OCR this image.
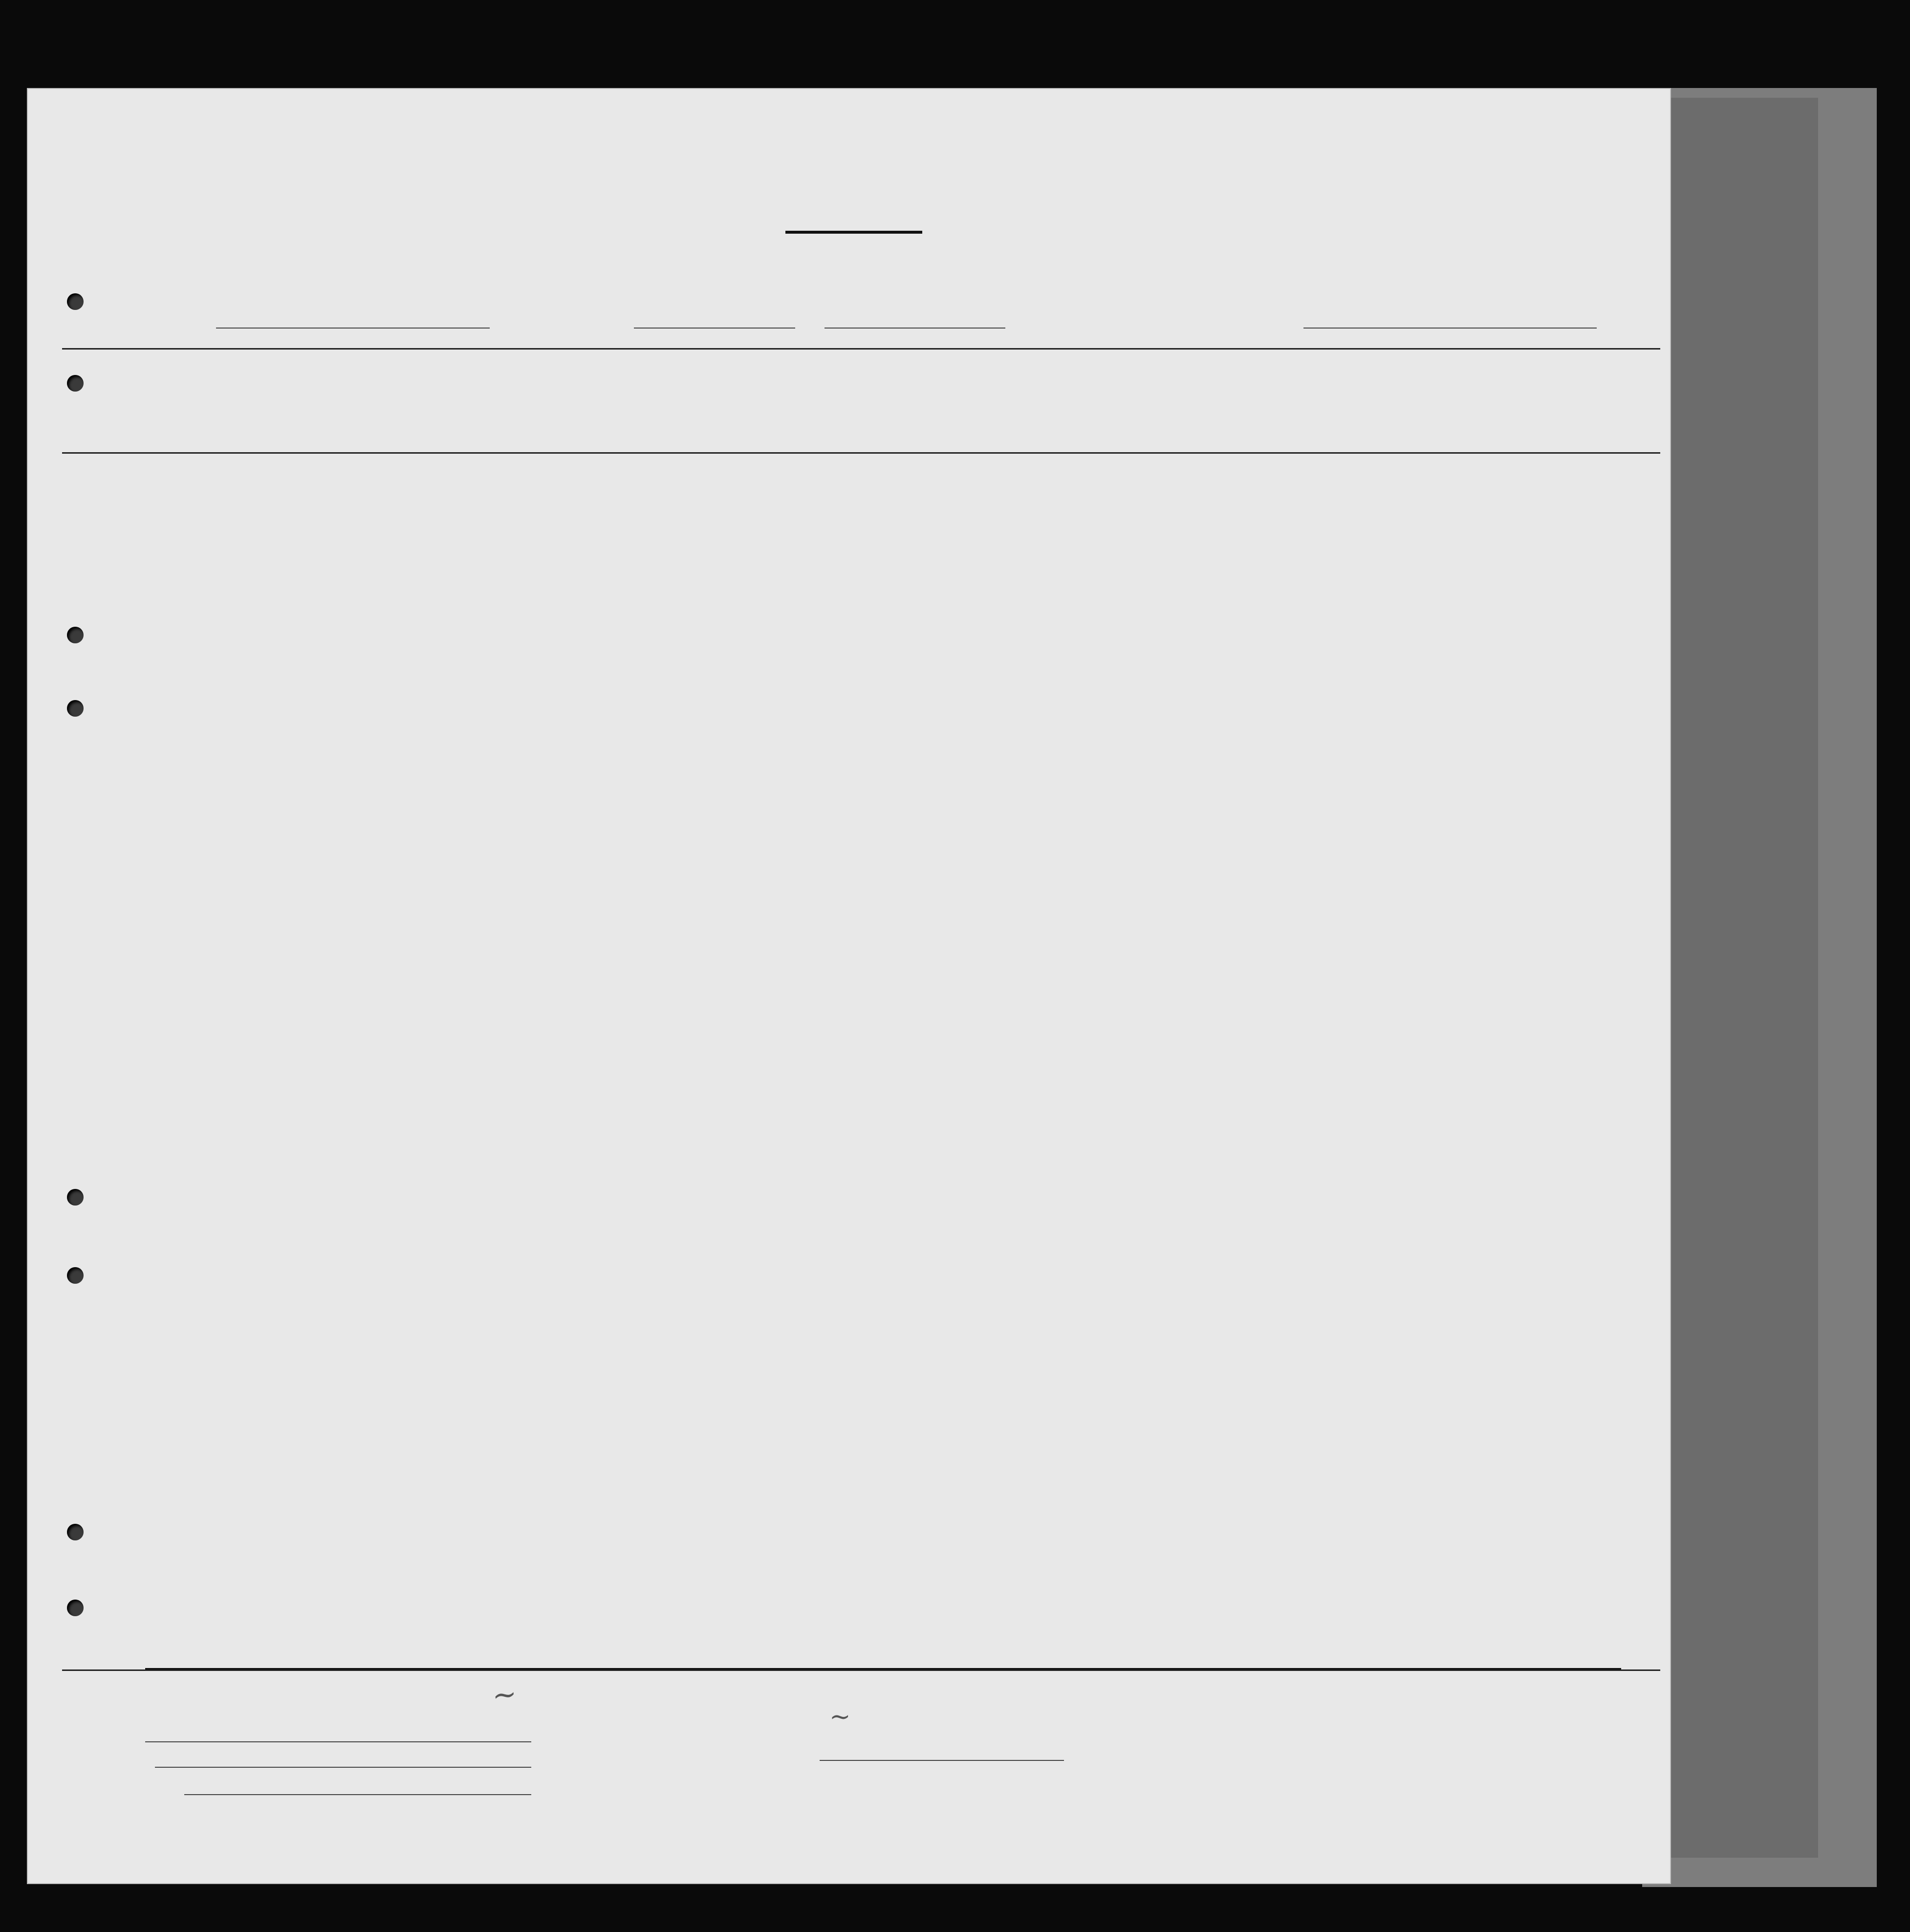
~
~
